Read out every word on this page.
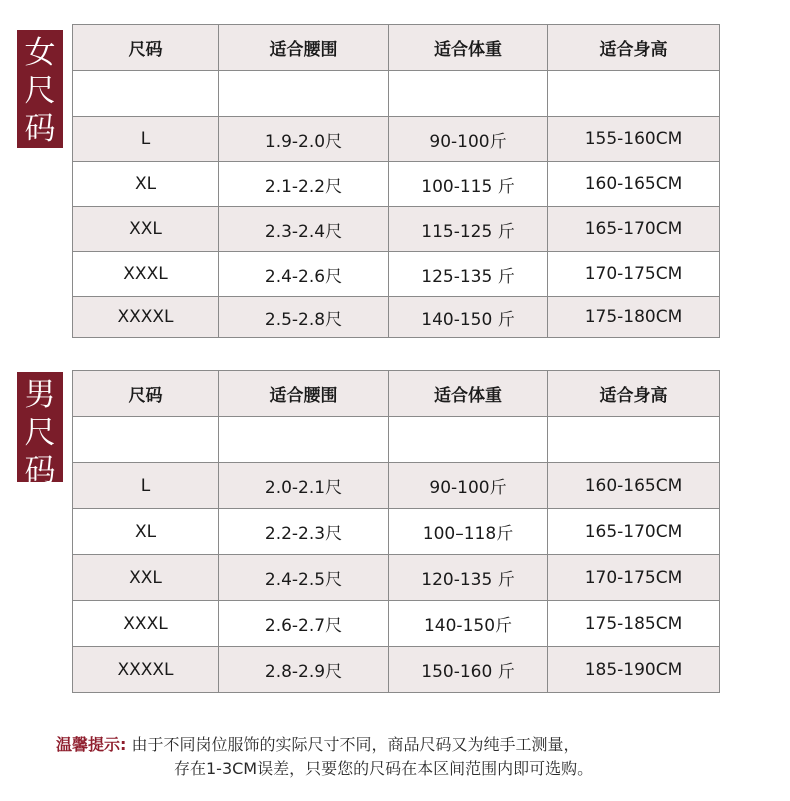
女
尺
码
尺码	适合腰围	适合体重	适合身高

L	1.9-2.0尺	90-100斤	155-160CM
XL	2.1-2.2尺	100-115 斤	160-165CM
XXL	2.3-2.4尺	115-125 斤	165-170CM
XXXL	2.4-2.6尺	125-135 斤	170-175CM
XXXXL	2.5-2.8尺	140-150 斤	175-180CM
男
尺
码
尺码	适合腰围	适合体重	适合身高

L	2.0-2.1尺	90-100斤	160-165CM
XL	2.2-2.3尺	100–118斤	165-170CM
XXL	2.4-2.5尺	120-135 斤	170-175CM
XXXL	2.6-2.7尺	140-150斤	175-185CM
XXXXL	2.8-2.9尺	150-160 斤	185-190CM
温馨提示: 由于不同岗位服饰的实际尺寸不同，商品尺码又为纯手工测量，
存在1-3CM误差，只要您的尺码在本区间范围内即可选购。
